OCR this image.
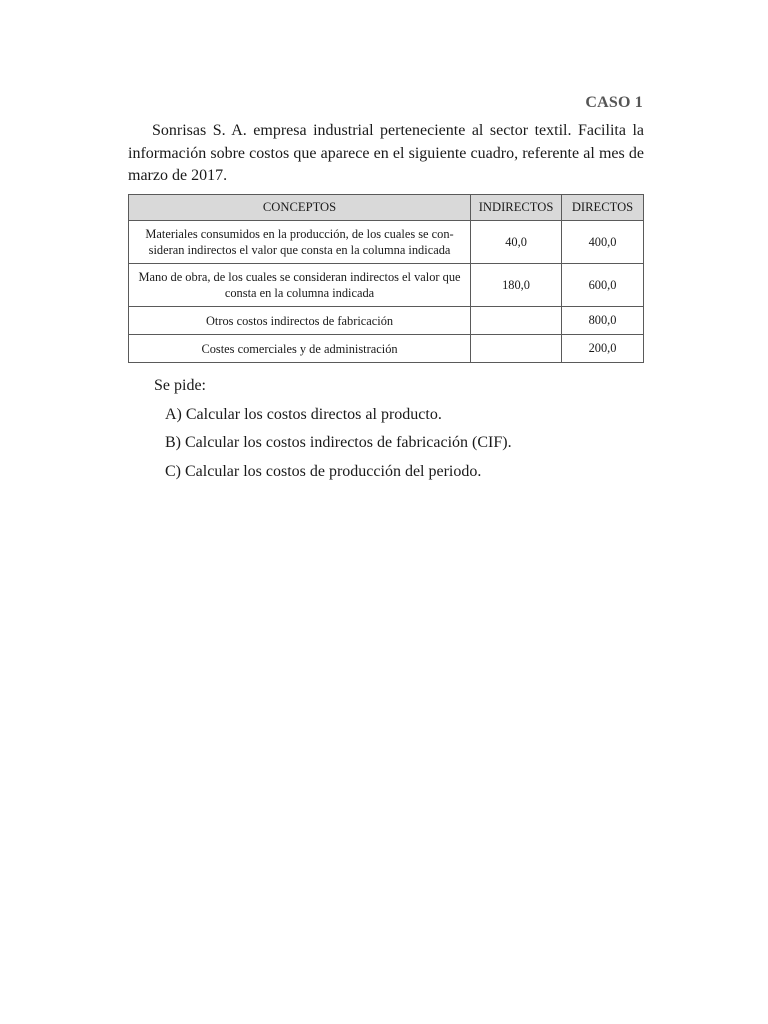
CASO 1

Sonrisas S. A. empresa industrial perteneciente al sector textil. Facilita la información sobre costos que aparece en el siguiente cuadro, referente al mes de marzo de 2017.

CONCEPTOS	INDIRECTOS	DIRECTOS
Materiales consumidos en la producción, de los cuales se con- sideran indirectos el valor que consta en la columna indicada	40,0	400,0
Mano de obra, de los cuales se consideran indirectos el valor que consta en la columna indicada	180,0	600,0
Otros costos indirectos de fabricación		800,0
Costes comerciales y de administración		200,0
Se pide:
A) Calcular los costos directos al producto.
B) Calcular los costos indirectos de fabricación (CIF).
C) Calcular los costos de producción del periodo.
